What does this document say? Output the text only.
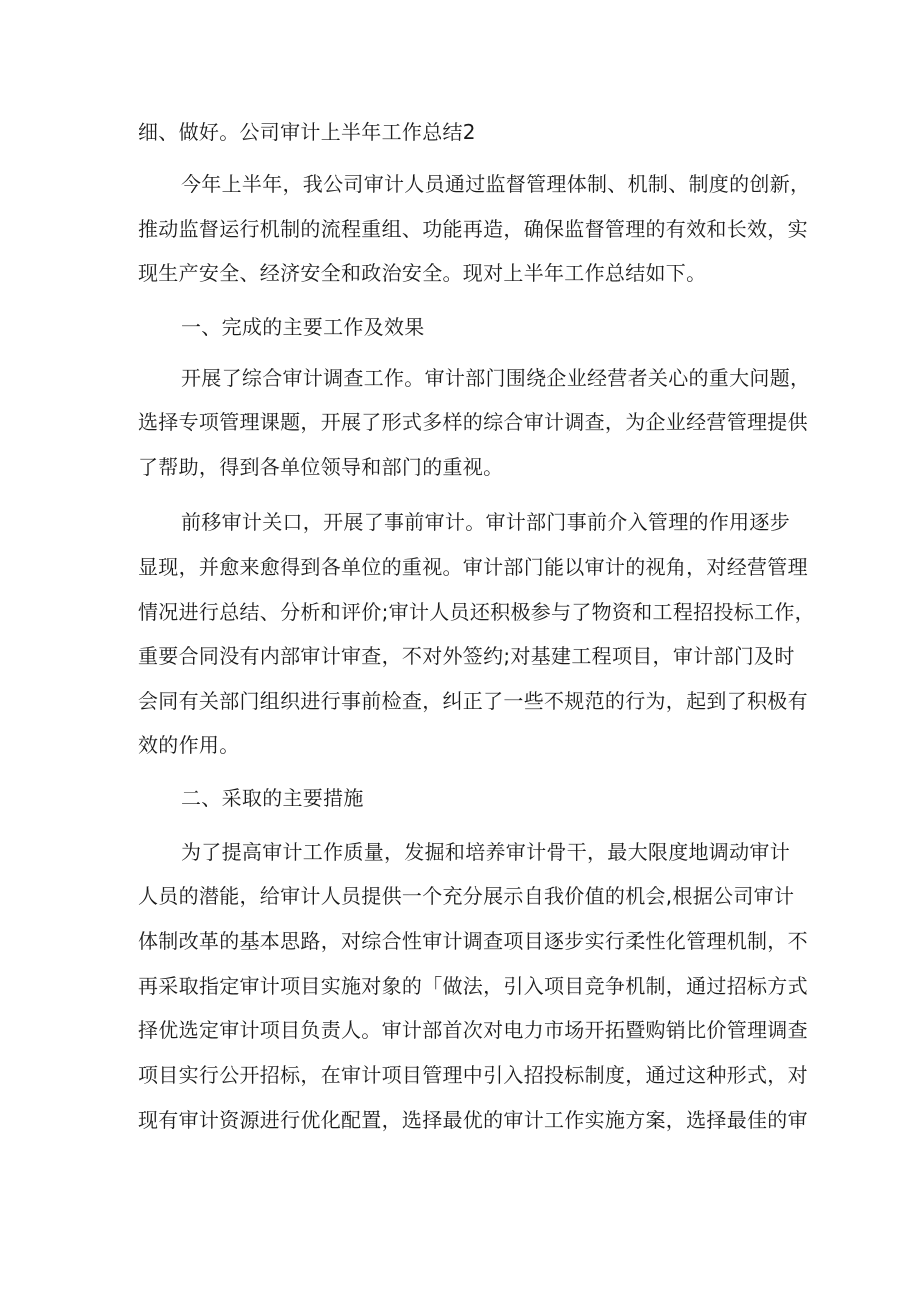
细、做好。公司审计上半年工作总结2
今年上半年，我公司审计人员通过监督管理体制、机制、制度的创新，
推动监督运行机制的流程重组、功能再造，确保监督管理的有效和长效，实
现生产安全、经济安全和政治安全。现对上半年工作总结如下。
一、完成的主要工作及效果
开展了综合审计调查工作。审计部门围绕企业经营者关心的重大问题，
选择专项管理课题，开展了形式多样的综合审计调查，为企业经营管理提供
了帮助，得到各单位领导和部门的重视。
前移审计关口，开展了事前审计。审计部门事前介入管理的作用逐步
显现，并愈来愈得到各单位的重视。审计部门能以审计的视角，对经营管理
情况进行总结、分析和评价;审计人员还积极参与了物资和工程招投标工作，
重要合同没有内部审计审查，不对外签约;对基建工程项目，审计部门及时
会同有关部门组织进行事前检查，纠正了一些不规范的行为，起到了积极有
效的作用。
二、采取的主要措施
为了提高审计工作质量，发掘和培养审计骨干，最大限度地调动审计
人员的潜能，给审计人员提供一个充分展示自我价值的机会,根据公司审计
体制改革的基本思路，对综合性审计调查项目逐步实行柔性化管理机制，不
再采取指定审计项目实施对象的「做法，引入项目竞争机制，通过招标方式
择优选定审计项目负责人。审计部首次对电力市场开拓暨购销比价管理调查
项目实行公开招标，在审计项目管理中引入招投标制度，通过这种形式，对
现有审计资源进行优化配置，选择最优的审计工作实施方案，选择最佳的审
